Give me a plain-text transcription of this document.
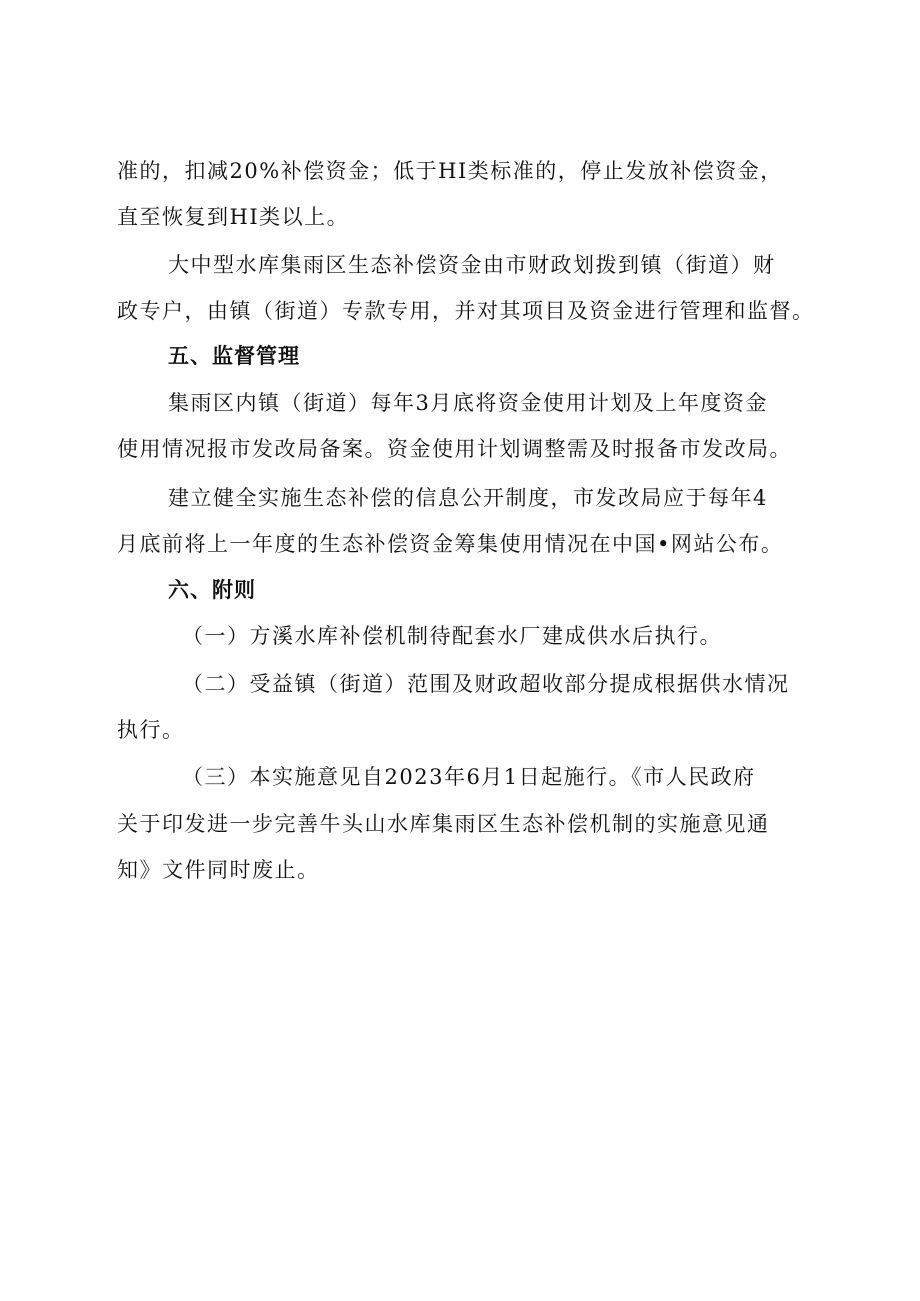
准的，扣减20%补偿资金；低于HI类标准的，停止发放补偿资金，
直至恢复到HI类以上。
大中型水库集雨区生态补偿资金由市财政划拨到镇（街道）财
政专户，由镇（街道）专款专用，并对其项目及资金进行管理和监督。
五、监督管理
集雨区内镇（街道）每年3月底将资金使用计划及上年度资金
使用情况报市发改局备案。资金使用计划调整需及时报备市发改局。
建立健全实施生态补偿的信息公开制度，市发改局应于每年4
月底前将上一年度的生态补偿资金筹集使用情况在中国•网站公布。
六、附则
（一）方溪水库补偿机制待配套水厂建成供水后执行。
（二）受益镇（街道）范围及财政超收部分提成根据供水情况
执行。
（三）本实施意见自2023年6月1日起施行。《市人民政府
关于印发进一步完善牛头山水库集雨区生态补偿机制的实施意见通
知》文件同时废止。
